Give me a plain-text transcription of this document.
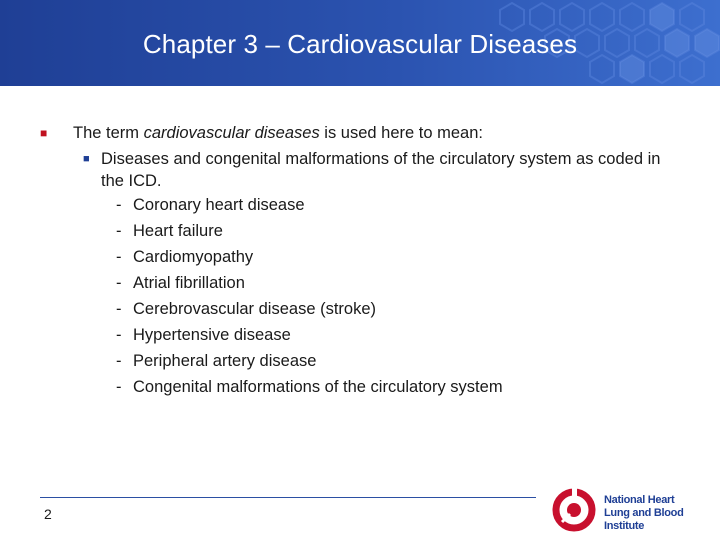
Chapter 3 – Cardiovascular Diseases
■ The term cardiovascular diseases is used here to mean:
■ Diseases and congenital malformations of the circulatory system as coded in the ICD.
- Coronary heart disease
- Heart failure
- Cardiomyopathy
- Atrial fibrillation
- Cerebrovascular disease (stroke)
- Hypertensive disease
- Peripheral artery disease
- Congenital malformations of the circulatory system
2
National Heart
Lung and Blood Institute
